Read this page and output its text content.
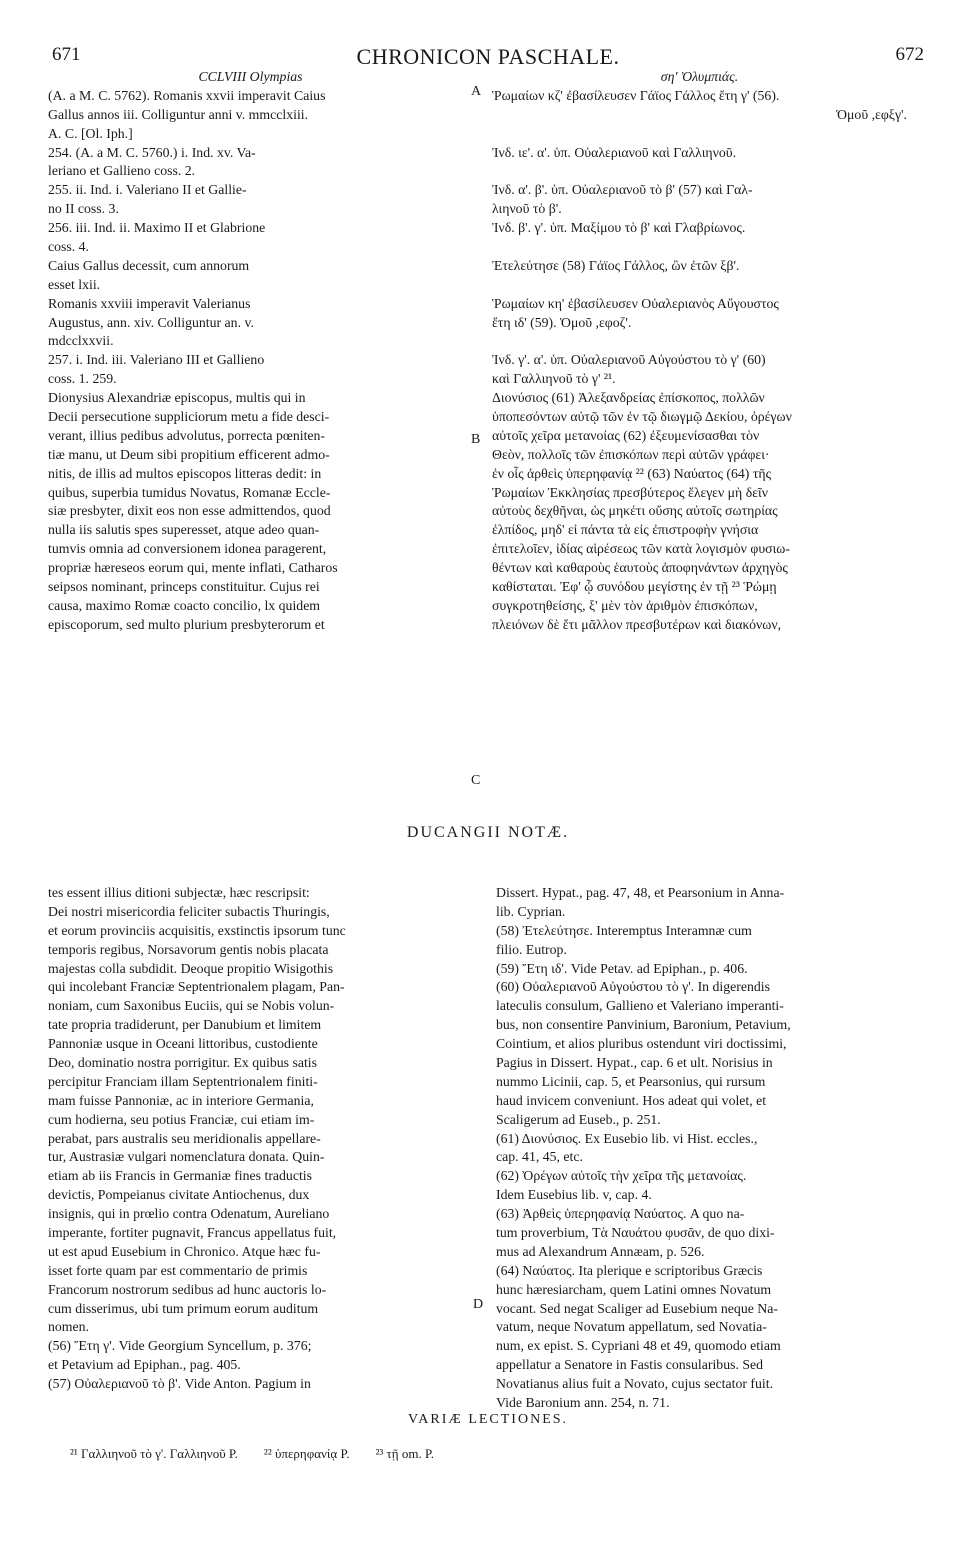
671	CHRONICON PASCHALE.	672
A
B
C
D
CCLVIII Olympias
(A. a M. C. 5762). Romanis xxvii imperavit Caius
Gallus annos iii. Colliguntur anni v. mmcclxiii.
A. C. [Ol. Iph.]
254. (A. a M. C. 5760.) i. Ind. xv. Va-
leriano et Gallieno coss. 2.
255. ii. Ind. i. Valeriano II et Gallie-
no II coss. 3.
256. iii. Ind. ii. Maximo II et Glabrione
coss. 4.
Caius Gallus decessit, cum annorum
esset lxii.
Romanis xxviii imperavit Valerianus
Augustus, ann. xiv. Colliguntur an. v.
mdcclxxvii.
257. i. Ind. iii. Valeriano III et Gallieno
coss. 1. 259.
Dionysius Alexandriæ episcopus, multis qui in
Decii persecutione suppliciorum metu a fide desci-
verant, illius pedibus advolutus, porrecta pœniten-
tiæ manu, ut Deum sibi propitium efficerent admo-
nitis, de illis ad multos episcopos litteras dedit: in
quibus, superbia tumidus Novatus, Romanæ Eccle-
siæ presbyter, dixit eos non esse admittendos, quod
nulla iis salutis spes superesset, atque adeo quan-
tumvis omnia ad conversionem idonea paragerent,
propriæ hæreseos eorum qui, mente inflati, Catharos
seipsos nominant, princeps constituitur. Cujus rei
causa, maximo Romæ coacto concilio, lx quidem
episcoporum, sed multo plurium presbyterorum et
ση' Ὀλυμπιάς.
Ῥωμαίων κζ' ἐβασίλευσεν Γάϊος Γάλλος ἔτη γ' (56).
Ὁμοῦ ,εφξγ'.
Ἰνδ. ιε'. α'. ὑπ. Οὐαλεριανοῦ καὶ Γαλλιηνοῦ.
Ἰνδ. α'. β'. ὑπ. Οὐαλεριανοῦ τὸ β' (57) καὶ Γαλ-
λιηνοῦ τὸ β'.
Ἰνδ. β'. γ'. ὑπ. Μαξίμου τὸ β' καὶ Γλαβρίωνος.
Ἐτελεύτησε (58) Γάϊος Γάλλος, ὢν ἐτῶν ξβ'.
Ῥωμαίων κη' ἐβασίλευσεν Οὐαλεριανὸς Αὔγουστος
ἔτη ιδ' (59). Ὁμοῦ ,εφοζ'.
Ἰνδ. γ'. α'. ὑπ. Οὐαλεριανοῦ Αὐγούστου τὸ γ' (60)
καὶ Γαλλιηνοῦ τὸ γ' ²¹.
Διονύσιος (61) Ἀλεξανδρείας ἐπίσκοπος, πολλῶν
ὑποπεσόντων αὐτῷ τῶν ἐν τῷ διωγμῷ Δεκίου, ὀρέγων
αὐτοῖς χεῖρα μετανοίας (62) ἐξευμενίσασθαι τὸν
Θεὸν, πολλοῖς τῶν ἐπισκόπων περὶ αὐτῶν γράφει·
ἐν οἷς ἀρθεὶς ὑπερηφανίᾳ ²² (63) Ναύατος (64) τῆς
Ῥωμαίων Ἐκκλησίας πρεσβύτερος ἔλεγεν μὴ δεῖν
αὐτοὺς δεχθῆναι, ὡς μηκέτι οὔσης αὐτοῖς σωτηρίας
ἐλπίδος, μηδ' εἰ πάντα τὰ εἰς ἐπιστροφὴν γνήσια
ἐπιτελοῖεν, ἰδίας αἱρέσεως τῶν κατὰ λογισμὸν φυσιω-
θέντων καὶ καθαροὺς ἑαυτοὺς ἀποφηνάντων ἀρχηγὸς
καθίσταται. Ἐφ' ᾧ συνόδου μεγίστης ἐν τῇ ²³ Ῥώμῃ
συγκροτηθείσης, ξ' μὲν τὸν ἀριθμὸν ἐπισκόπων,
πλειόνων δὲ ἔτι μᾶλλον πρεσβυτέρων καὶ διακόνων,
DUCANGII NOTÆ.
tes essent illius ditioni subjectæ, hæc rescripsit:
Dei nostri misericordia feliciter subactis Thuringis,
et eorum provinciis acquisitis, exstinctis ipsorum tunc
temporis regibus, Norsavorum gentis nobis placata
majestas colla subdidit. Deoque propitio Wisigothis
qui incolebant Franciæ Septentrionalem plagam, Pan-
noniam, cum Saxonibus Euciis, qui se Nobis volun-
tate propria tradiderunt, per Danubium et limitem
Pannoniæ usque in Oceani littoribus, custodiente
Deo, dominatio nostra porrigitur. Ex quibus satis
percipitur Franciam illam Septentrionalem finiti-
mam fuisse Pannoniæ, ac in interiore Germania,
cum hodierna, seu potius Franciæ, cui etiam im-
perabat, pars australis seu meridionalis appellare-
tur, Austrasiæ vulgari nomenclatura donata. Quin-
etiam ab iis Francis in Germaniæ fines traductis
devictis, Pompeianus civitate Antiochenus, dux
insignis, qui in prœlio contra Odenatum, Aureliano
imperante, fortiter pugnavit, Francus appellatus fuit,
ut est apud Eusebium in Chronico. Atque hæc fu-
isset forte quam par est commentario de primis
Francorum nostrorum sedibus ad hunc auctoris lo-
cum disserimus, ubi tum primum eorum auditum
nomen.
(56) Ἔτη γ'. Vide Georgium Syncellum, p. 376;
et Petavium ad Epiphan., pag. 405.
(57) Οὐαλεριανοῦ τὸ β'. Vide Anton. Pagium in
Dissert. Hypat., pag. 47, 48, et Pearsonium in Anna-
lib. Cyprian.
(58) Ἐτελεύτησε. Interemptus Interamnæ cum
filio. Eutrop.
(59) Ἔτη ιδ'. Vide Petav. ad Epiphan., p. 406.
(60) Οὐαλεριανοῦ Αὐγούστου τὸ γ'. In digerendis
lateculis consulum, Gallieno et Valeriano imperanti-
bus, non consentire Panvinium, Baronium, Petavium,
Cointium, et alios pluribus ostendunt viri doctissimi,
Pagius in Dissert. Hypat., cap. 6 et ult. Norisius in
nummo Licinii, cap. 5, et Pearsonius, qui rursum
haud invicem conveniunt. Hos adeat qui volet, et
Scaligerum ad Euseb., p. 251.
(61) Διονύσιος. Ex Eusebio lib. vi Hist. eccles.,
cap. 41, 45, etc.
(62) Ὀρέγων αὐτοῖς τὴν χεῖρα τῆς μετανοίας.
Idem Eusebius lib. v, cap. 4.
(63) Ἀρθεὶς ὑπερηφανίᾳ Ναύατος. A quo na-
tum proverbium, Τὰ Ναυάτου φυσᾶν, de quo dixi-
mus ad Alexandrum Annæam, p. 526.
(64) Ναύατος. Ita plerique e scriptoribus Græcis
hunc hæresiarcham, quem Latini omnes Novatum
vocant. Sed negat Scaliger ad Eusebium neque Na-
vatum, neque Novatum appellatum, sed Novatia-
num, ex epist. S. Cypriani 48 et 49, quomodo etiam
appellatur a Senatore in Fastis consularibus. Sed
Novatianus alius fuit a Novato, cujus sectator fuit.
Vide Baronium ann. 254, n. 71.
VARIÆ LECTIONES.
²¹ Γαλλιηνοῦ τὸ γ'. Γαλλιηνοῦ P. ²² ὑπερηφανίᾳ P. ²³ τῇ om. P.
